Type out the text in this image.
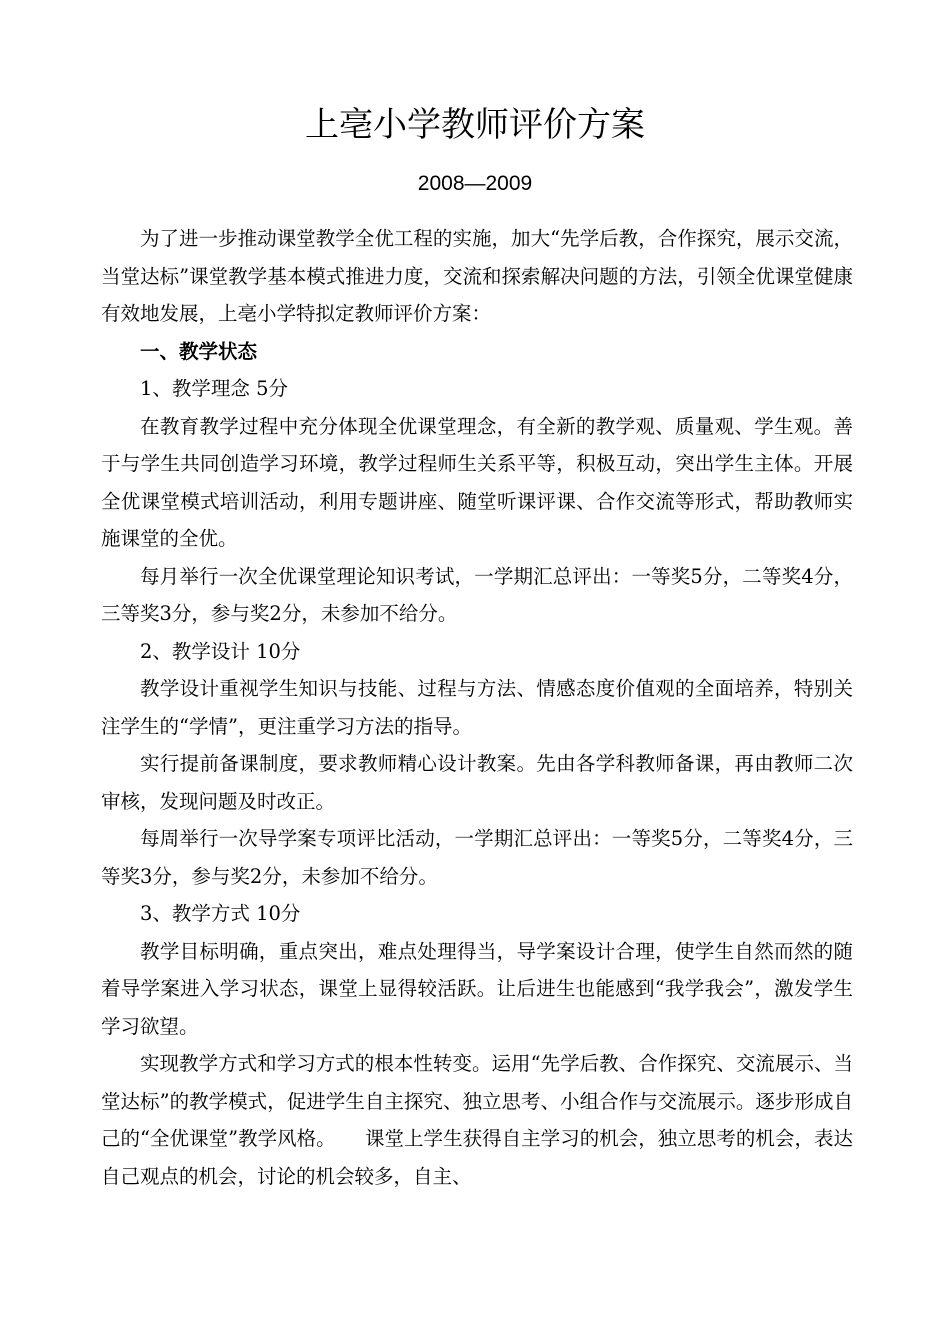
上亳小学教师评价方案
2008—2009

为了进一步推动课堂教学全优工程的实施，加大“先学后教，合作探究，展示交流，当堂达标”课堂教学基本模式推进力度，交流和探索解决问题的方法，引领全优课堂健康有效地发展，上亳小学特拟定教师评价方案：

一、教学状态
1、教学理念 5分

在教育教学过程中充分体现全优课堂理念，有全新的教学观、质量观、学生观。善于与学生共同创造学习环境，教学过程师生关系平等，积极互动，突出学生主体。开展全优课堂模式培训活动，利用专题讲座、随堂听课评课、合作交流等形式，帮助教师实施课堂的全优。

每月举行一次全优课堂理论知识考试，一学期汇总评出：一等奖5分，二等奖4分，三等奖3分，参与奖2分，未参加不给分。

2、教学设计 10分

教学设计重视学生知识与技能、过程与方法、情感态度价值观的全面培养，特别关注学生的“学情”，更注重学习方法的指导。

实行提前备课制度，要求教师精心设计教案。先由各学科教师备课，再由教师二次审核，发现问题及时改正。

每周举行一次导学案专项评比活动，一学期汇总评出：一等奖5分，二等奖4分，三等奖3分，参与奖2分，未参加不给分。

3、教学方式 10分

教学目标明确，重点突出，难点处理得当，导学案设计合理，使学生自然而然的随着导学案进入学习状态，课堂上显得较活跃。让后进生也能感到“我学我会”，激发学生学习欲望。

实现教学方式和学习方式的根本性转变。运用“先学后教、合作探究、交流展示、当堂达标”的教学模式，促进学生自主探究、独立思考、小组合作与交流展示。逐步形成自己的“全优课堂”教学风格。　　课堂上学生获得自主学习的机会，独立思考的机会，表达自己观点的机会，讨论的机会较多，自主、
